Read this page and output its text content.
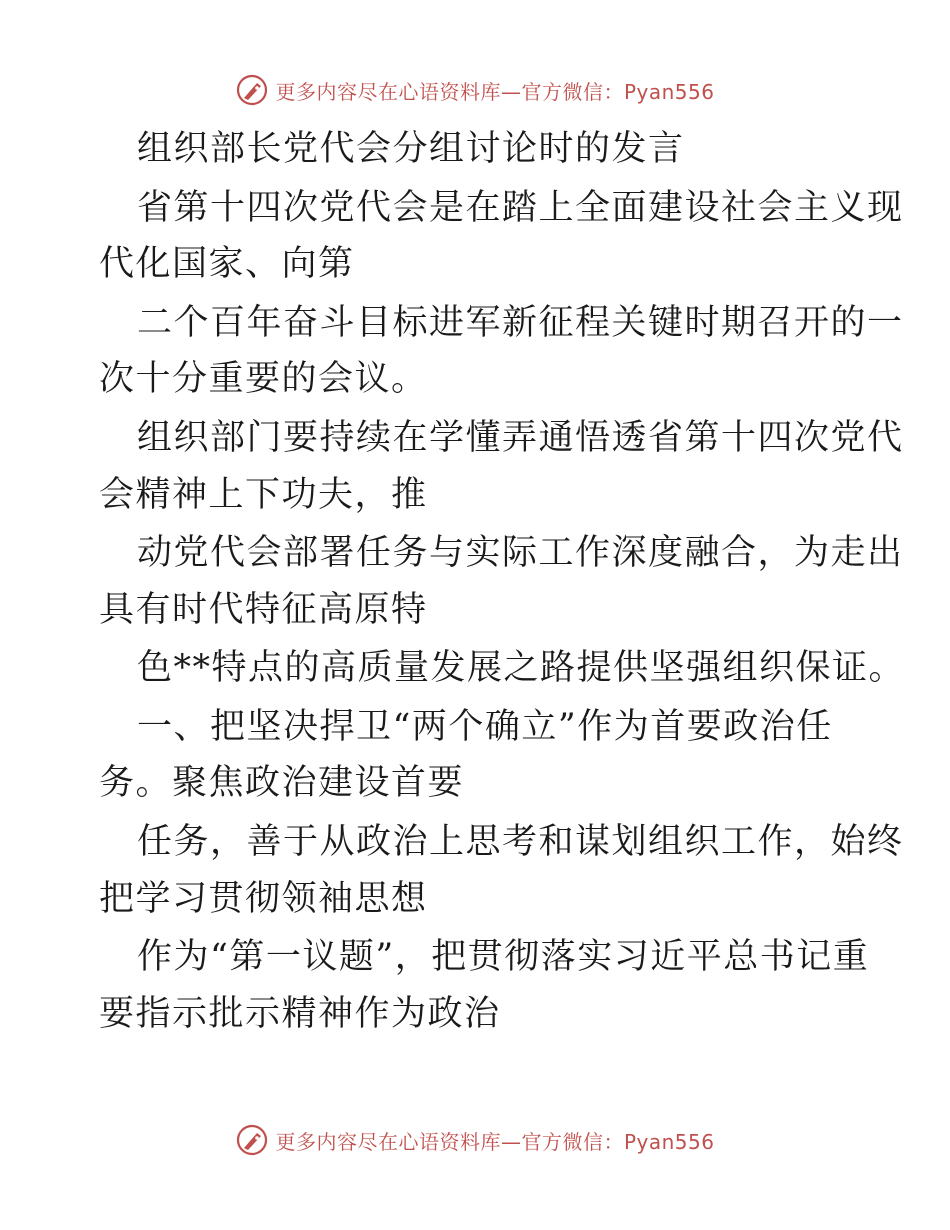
更多内容尽在心语资料库—官方微信：Pyan556
组织部长党代会分组讨论时的发言
省第十四次党代会是在踏上全面建设社会主义现
代化国家、向第
二个百年奋斗目标进军新征程关键时期召开的一
次十分重要的会议。
组织部门要持续在学懂弄通悟透省第十四次党代
会精神上下功夫，推
动党代会部署任务与实际工作深度融合，为走出
具有时代特征高原特
色**特点的高质量发展之路提供坚强组织保证。
一、把坚决捍卫“两个确立”作为首要政治任
务。聚焦政治建设首要
任务，善于从政治上思考和谋划组织工作，始终
把学习贯彻领袖思想
作为“第一议题”，把贯彻落实习近平总书记重
要指示批示精神作为政治
更多内容尽在心语资料库—官方微信：Pyan556
